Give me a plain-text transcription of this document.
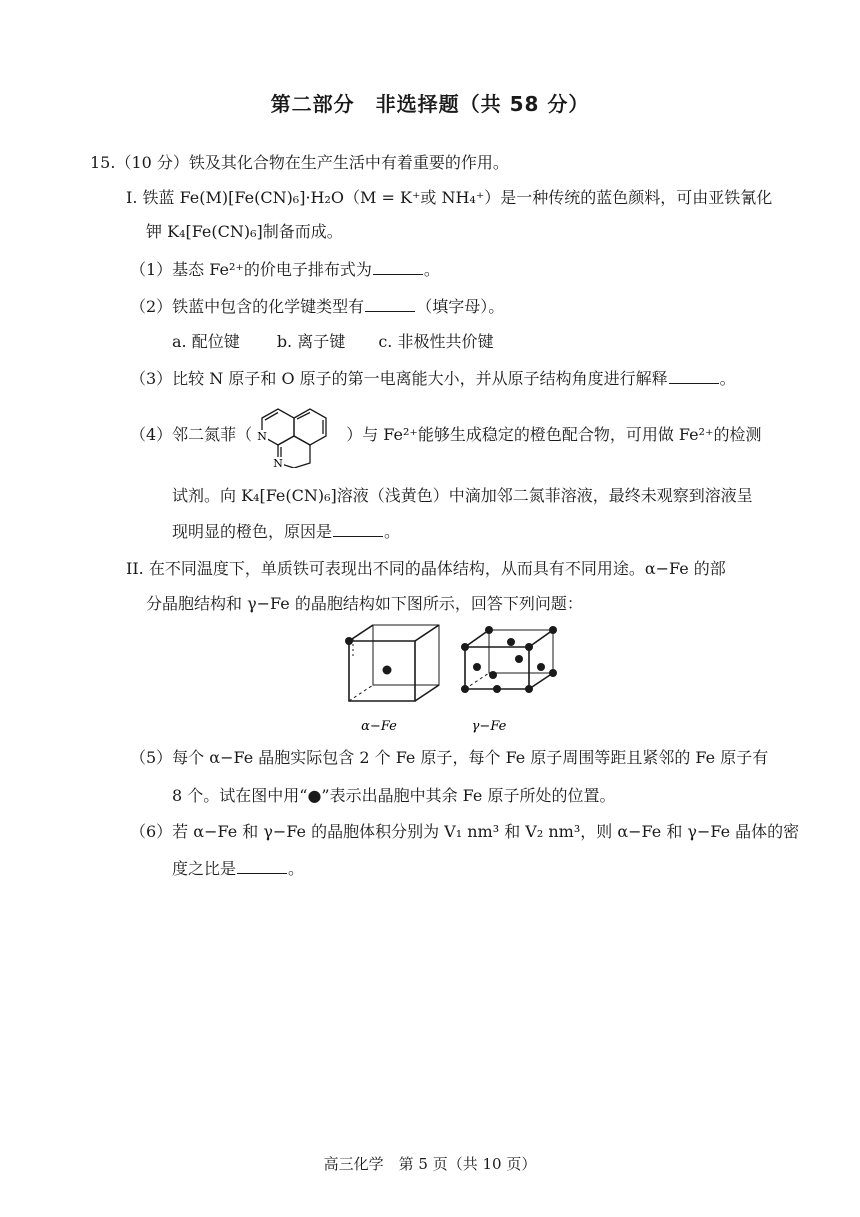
第二部分　非选择题（共 58 分）
15.（10 分）铁及其化合物在生产生活中有着重要的作用。
I. 铁蓝 Fe(M)[Fe(CN)₆]·H₂O（M = K⁺或 NH₄⁺）是一种传统的蓝色颜料，可由亚铁氰化
钾 K₄[Fe(CN)₆]制备而成。
（1）基态 Fe²⁺的价电子排布式为	。
（2）铁蓝中包含的化学键类型有	（填字母）。
a. 配位键 b. 离子键 c. 非极性共价键
（3）比较 N 原子和 O 原子的第一电离能大小，并从原子结构角度进行解释	。
（4）邻二氮菲（ N
N
）与 Fe²⁺能够生成稳定的橙色配合物，可用做 Fe²⁺的检测
试剂。向 K₄[Fe(CN)₆]溶液（浅黄色）中滴加邻二氮菲溶液，最终未观察到溶液呈
现明显的橙色，原因是	。
II. 在不同温度下，单质铁可表现出不同的晶体结构，从而具有不同用途。α−Fe 的部
分晶胞结构和 γ−Fe 的晶胞结构如下图所示，回答下列问题：
α−Fe	γ−Fe
（5）每个 α−Fe 晶胞实际包含 2 个 Fe 原子，每个 Fe 原子周围等距且紧邻的 Fe 原子有
8 个。试在图中用“●”表示出晶胞中其余 Fe 原子所处的位置。
（6）若 α−Fe 和 γ−Fe 的晶胞体积分别为 V₁ nm³ 和 V₂ nm³，则 α−Fe 和 γ−Fe 晶体的密
度之比是	。
高三化学　第 5 页（共 10 页）
